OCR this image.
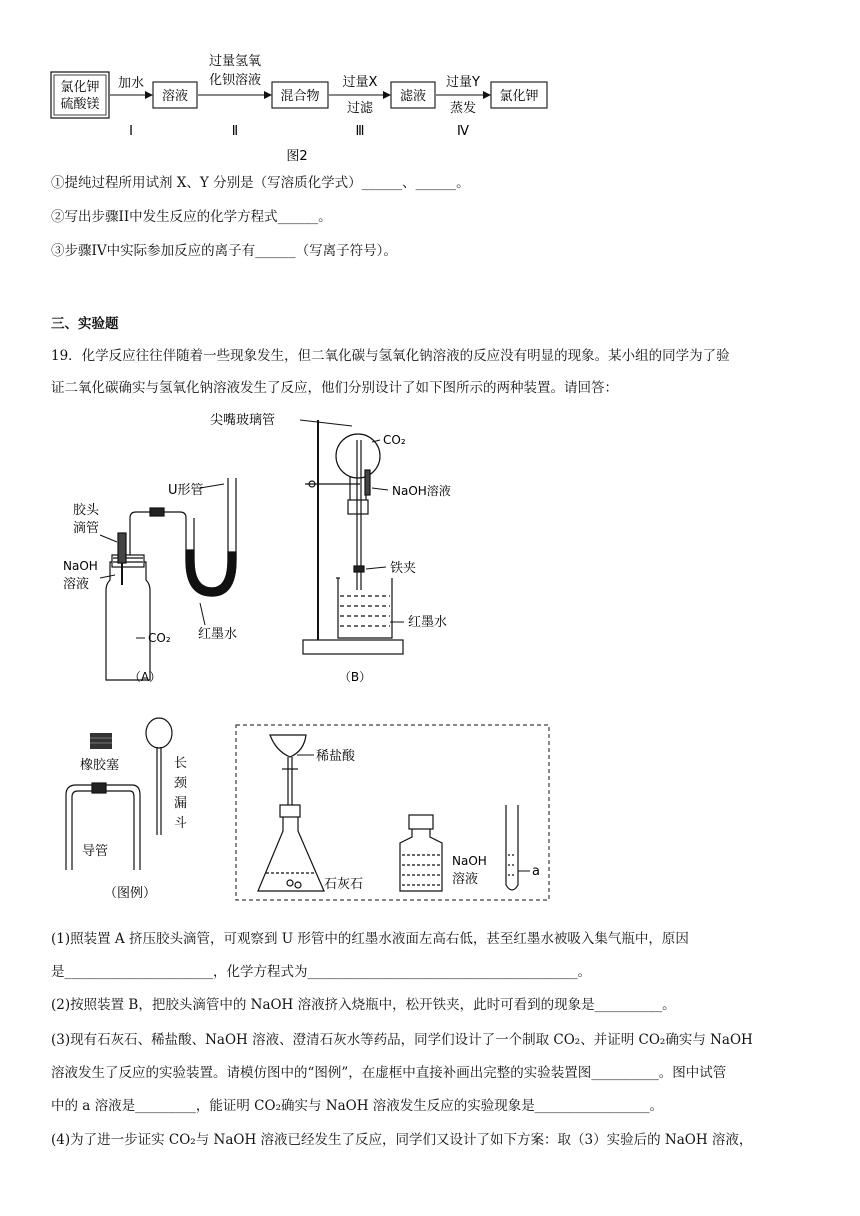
氯化钾
硫酸镁
加水
溶液
过量氢氧
化钡溶液
混合物
过量X
过滤
滤液
过量Y
蒸发
氯化钾
Ⅰ	Ⅱ	Ⅲ	Ⅳ
图2
①提纯过程所用试剂 X、Y 分别是（写溶质化学式）______、______。
②写出步骤II中发生反应的化学方程式______。
③步骤IV中实际参加反应的离子有______（写离子符号）。
三、实验题
19．化学反应往往伴随着一些现象发生，但二氧化碳与氢氧化钠溶液的反应没有明显的现象。某小组的同学为了验
证二氧化碳确实与氢氧化钠溶液发生了反应，他们分别设计了如下图所示的两种装置。请回答：
U形管
胶头
滴管
NaOH
溶液
CO₂ 红墨水
（A）
尖嘴玻璃管
CO₂
NaOH溶液
铁夹
红墨水
（B）
橡胶塞	长
颈
漏
斗
导管
（图例）
稀盐酸
石灰石
NaOH
溶液
a
(1)照装置 A 挤压胶头滴管，可观察到 U 形管中的红墨水液面左高右低，甚至红墨水被吸入集气瓶中，原因
是______________________，化学方程式为________________________________________。
(2)按照装置 B，把胶头滴管中的 NaOH 溶液挤入烧瓶中，松开铁夹，此时可看到的现象是__________。
(3)现有石灰石、稀盐酸、NaOH 溶液、澄清石灰水等药品，同学们设计了一个制取 CO₂、并证明 CO₂确实与 NaOH
溶液发生了反应的实验装置。请模仿图中的“图例”，在虚框中直接补画出完整的实验装置图__________。图中试管
中的 a 溶液是_________，能证明 CO₂确实与 NaOH 溶液发生反应的实验现象是_________________。
(4)为了进一步证实 CO₂与 NaOH 溶液已经发生了反应，同学们又设计了如下方案：取（3）实验后的 NaOH 溶液，
